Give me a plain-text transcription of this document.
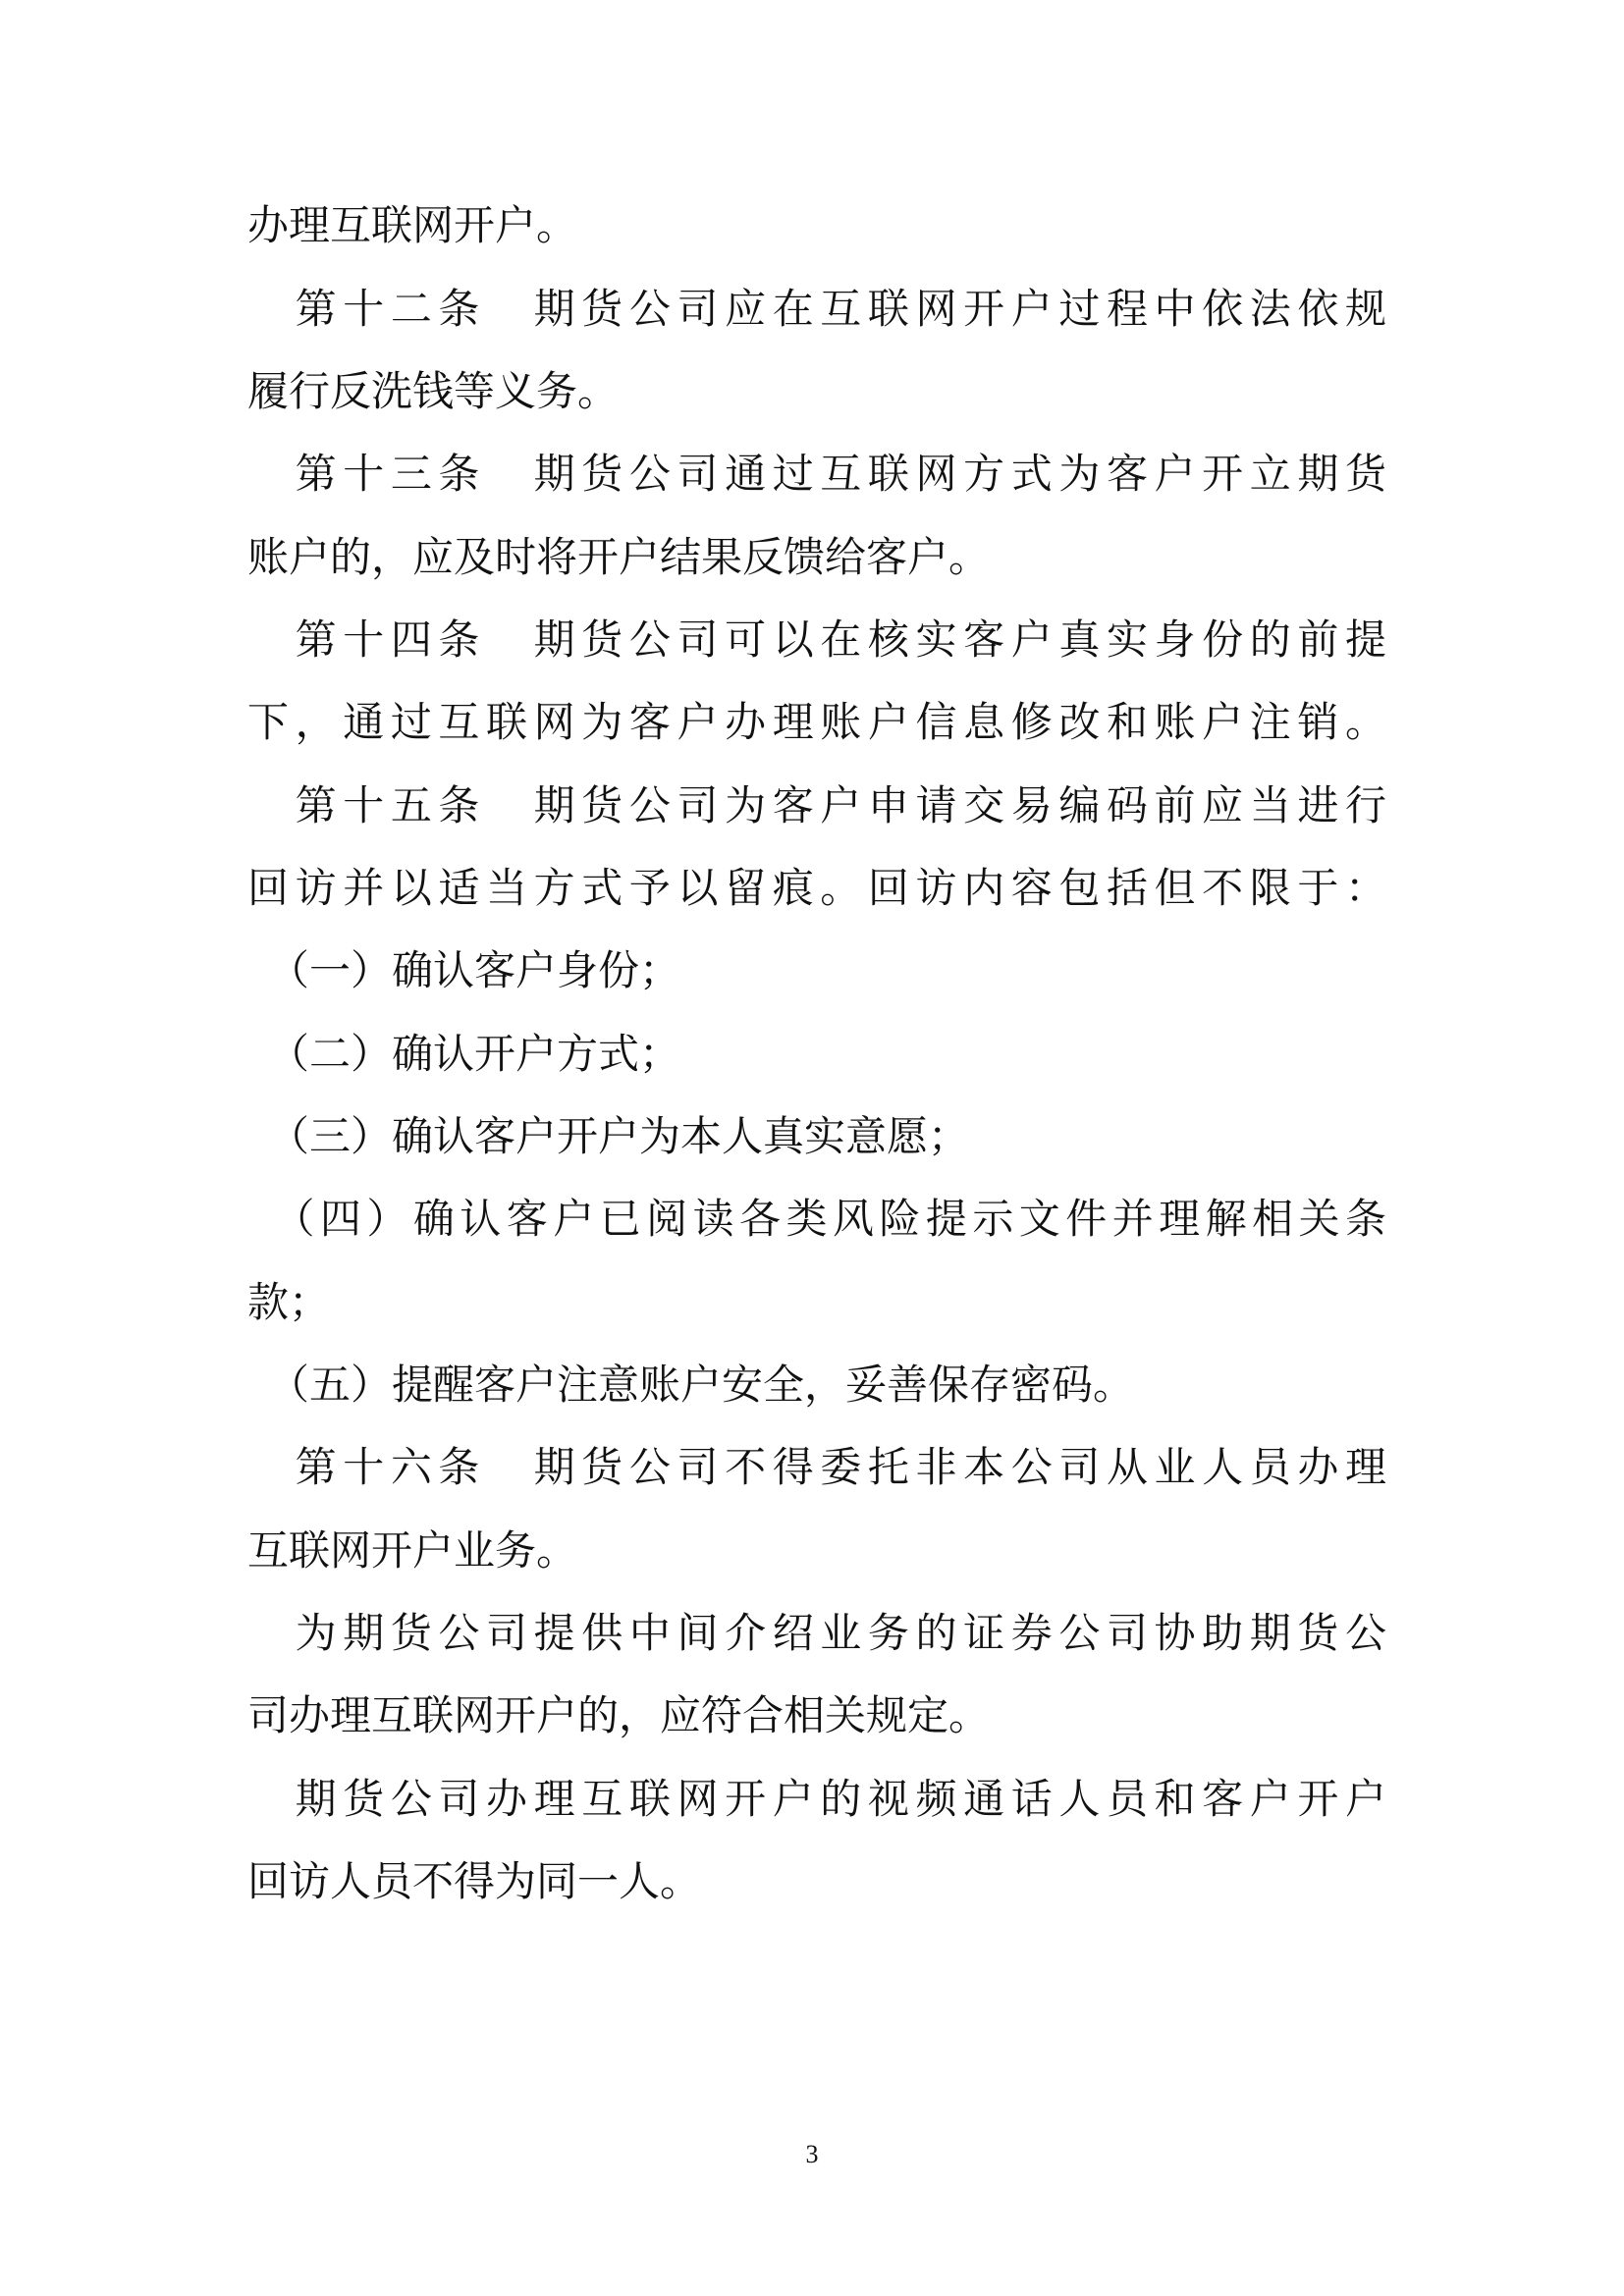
办理互联网开户。
　第十二条　期货公司应在互联网开户过程中依法依规
履行反洗钱等义务。
　第十三条　期货公司通过互联网方式为客户开立期货
账户的，应及时将开户结果反馈给客户。
　第十四条　期货公司可以在核实客户真实身份的前提
下，通过互联网为客户办理账户信息修改和账户注销。
　第十五条　期货公司为客户申请交易编码前应当进行
回访并以适当方式予以留痕。回访内容包括但不限于：
　（一）确认客户身份；
　（二）确认开户方式；
　（三）确认客户开户为本人真实意愿；
　（四）确认客户已阅读各类风险提示文件并理解相关条
款；
　（五）提醒客户注意账户安全，妥善保存密码。
　第十六条　期货公司不得委托非本公司从业人员办理
互联网开户业务。
　为期货公司提供中间介绍业务的证券公司协助期货公
司办理互联网开户的，应符合相关规定。
　期货公司办理互联网开户的视频通话人员和客户开户
回访人员不得为同一人。
3
